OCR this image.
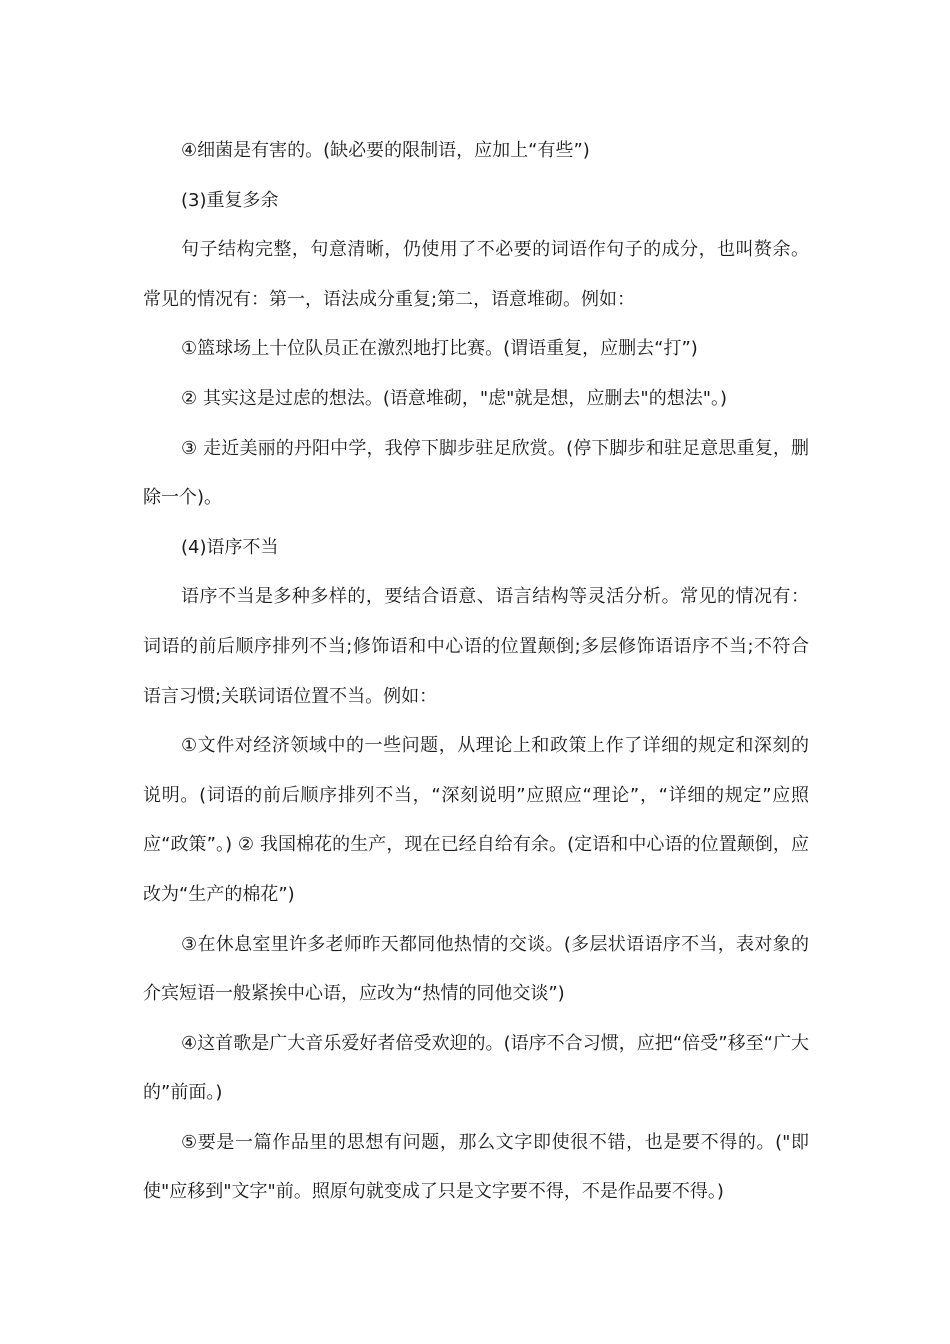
④细菌是有害的。(缺必要的限制语，应加上“有些”)

(3)重复多余

句子结构完整，句意清晰，仍使用了不必要的词语作句子的成分，也叫赘余。常见的情况有：第一，语法成分重复;第二，语意堆砌。例如：

①篮球场上十位队员正在激烈地打比赛。(谓语重复，应删去“打”)

② 其实这是过虑的想法。(语意堆砌，"虑"就是想，应删去"的想法"。)

③ 走近美丽的丹阳中学，我停下脚步驻足欣赏。(停下脚步和驻足意思重复，删除一个)。

(4)语序不当

语序不当是多种多样的，要结合语意、语言结构等灵活分析。常见的情况有：词语的前后顺序排列不当;修饰语和中心语的位置颠倒;多层修饰语语序不当;不符合语言习惯;关联词语位置不当。例如：

①文件对经济领域中的一些问题，从理论上和政策上作了详细的规定和深刻的说明。(词语的前后顺序排列不当，“深刻说明”应照应“理论”，“详细的规定”应照应“政策”。) ② 我国棉花的生产，现在已经自给有余。(定语和中心语的位置颠倒，应改为“生产的棉花”)

③在休息室里许多老师昨天都同他热情的交谈。(多层状语语序不当，表对象的介宾短语一般紧挨中心语，应改为“热情的同他交谈”)

④这首歌是广大音乐爱好者倍受欢迎的。(语序不合习惯，应把“倍受”移至“广大的”前面。)

⑤要是一篇作品里的思想有问题，那么文字即使很不错，也是要不得的。("即使"应移到"文字"前。照原句就变成了只是文字要不得，不是作品要不得。)
